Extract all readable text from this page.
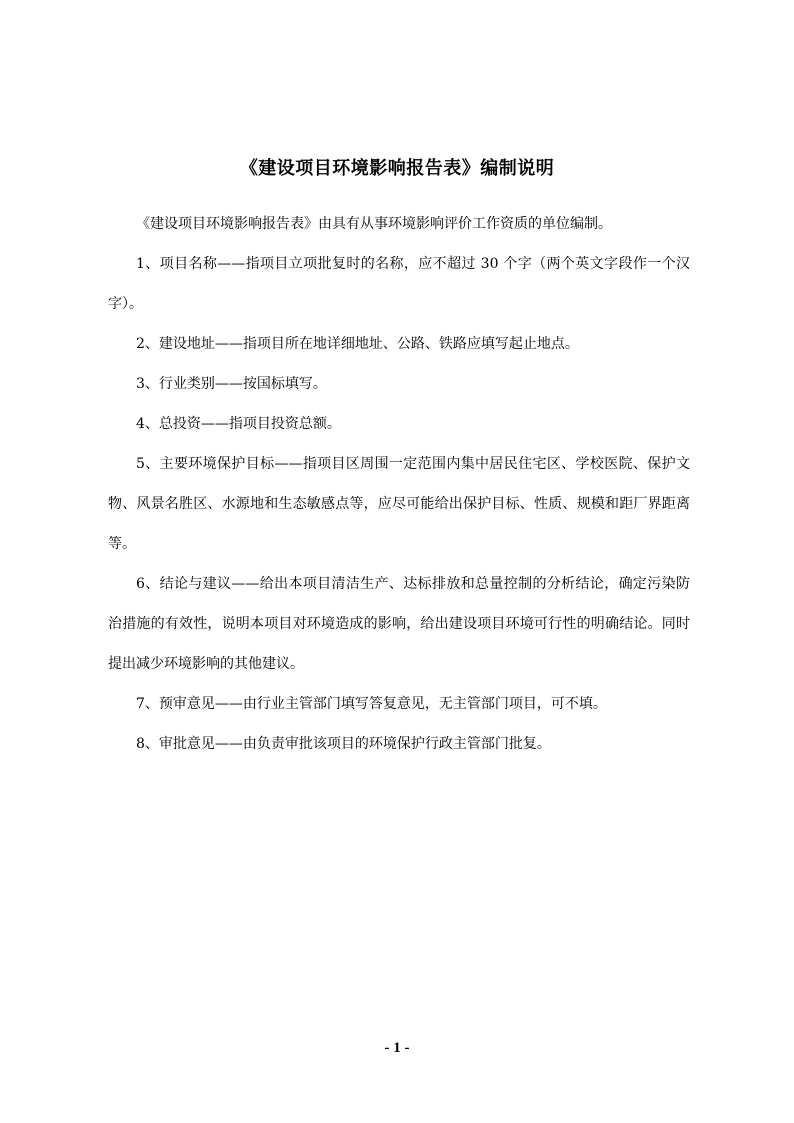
《建设项目环境影响报告表》编制说明

《建设项目环境影响报告表》由具有从事环境影响评价工作资质的单位编制。

1、项目名称——指项目立项批复时的名称，应不超过 30 个字（两个英文字段作一个汉字）。

2、建设地址——指项目所在地详细地址、公路、铁路应填写起止地点。

3、行业类别——按国标填写。

4、总投资——指项目投资总额。

5、主要环境保护目标——指项目区周围一定范围内集中居民住宅区、学校医院、保护文物、风景名胜区、水源地和生态敏感点等，应尽可能给出保护目标、性质、规模和距厂界距离等。

6、结论与建议——给出本项目清洁生产、达标排放和总量控制的分析结论，确定污染防治措施的有效性，说明本项目对环境造成的影响，给出建设项目环境可行性的明确结论。同时提出减少环境影响的其他建议。

7、预审意见——由行业主管部门填写答复意见，无主管部门项目，可不填。

8、审批意见——由负责审批该项目的环境保护行政主管部门批复。

- 1 -
